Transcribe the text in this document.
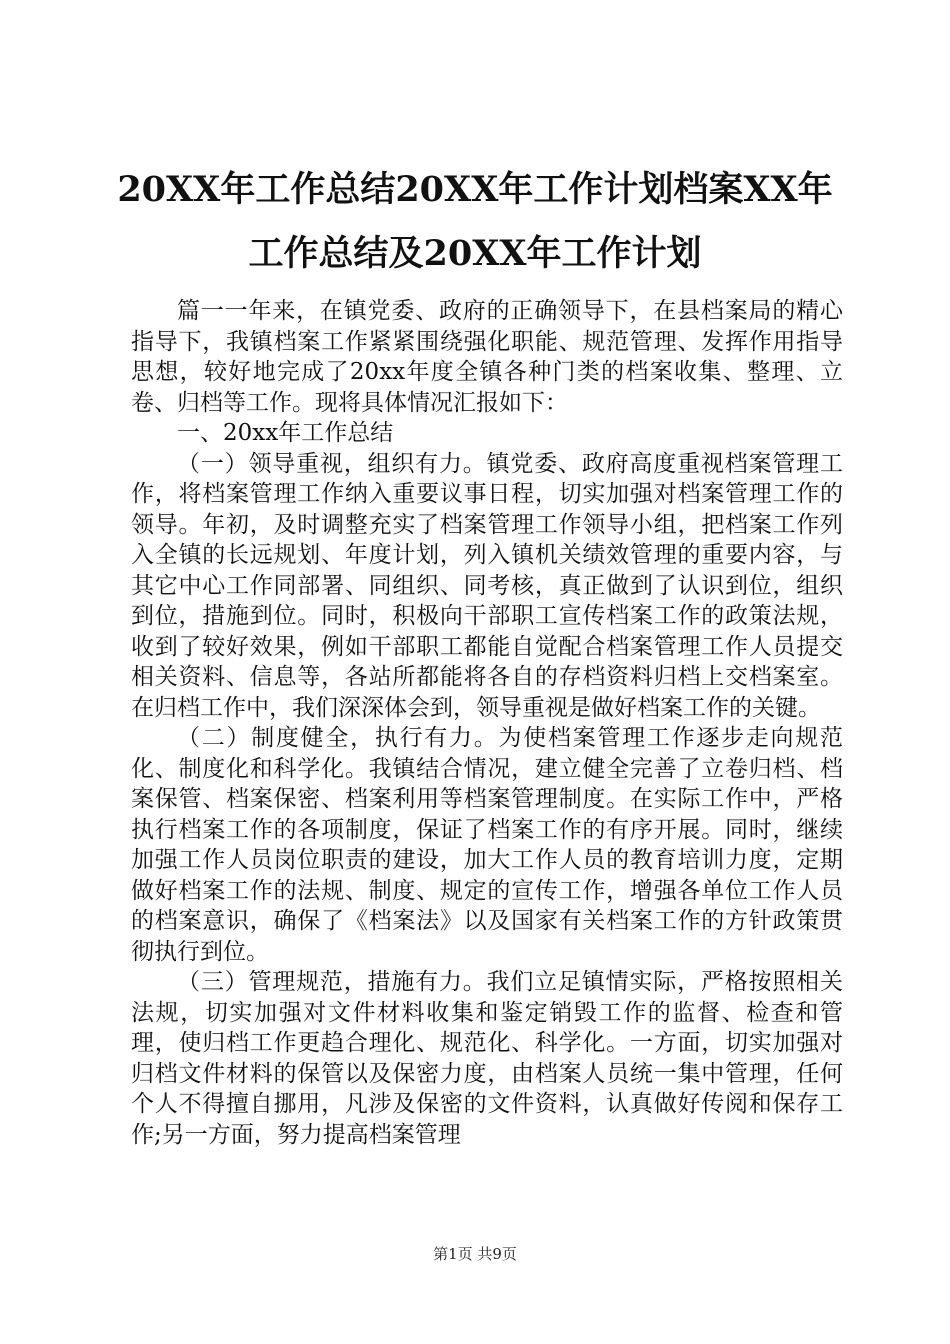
20XX年工作总结20XX年工作计划档案XX年工作总结及20XX年工作计划

篇一一年来，在镇党委、政府的正确领导下，在县档案局的精心指导下，我镇档案工作紧紧围绕强化职能、规范管理、发挥作用指导思想，较好地完成了20xx年度全镇各种门类的档案收集、整理、立卷、归档等工作。现将具体情况汇报如下：

一、20xx年工作总结

（一）领导重视，组织有力。镇党委、政府高度重视档案管理工作，将档案管理工作纳入重要议事日程，切实加强对档案管理工作的领导。年初，及时调整充实了档案管理工作领导小组，把档案工作列入全镇的长远规划、年度计划，列入镇机关绩效管理的重要内容，与其它中心工作同部署、同组织、同考核，真正做到了认识到位，组织到位，措施到位。同时，积极向干部职工宣传档案工作的政策法规，收到了较好效果，例如干部职工都能自觉配合档案管理工作人员提交相关资料、信息等，各站所都能将各自的存档资料归档上交档案室。在归档工作中，我们深深体会到，领导重视是做好档案工作的关键。

（二）制度健全，执行有力。为使档案管理工作逐步走向规范化、制度化和科学化。我镇结合情况，建立健全完善了立卷归档、档案保管、档案保密、档案利用等档案管理制度。在实际工作中，严格执行档案工作的各项制度，保证了档案工作的有序开展。同时，继续加强工作人员岗位职责的建设，加大工作人员的教育培训力度，定期做好档案工作的法规、制度、规定的宣传工作，增强各单位工作人员的档案意识，确保了《档案法》以及国家有关档案工作的方针政策贯彻执行到位。

（三）管理规范，措施有力。我们立足镇情实际，严格按照相关法规，切实加强对文件材料收集和鉴定销毁工作的监督、检查和管理，使归档工作更趋合理化、规范化、科学化。一方面，切实加强对归档文件材料的保管以及保密力度，由档案人员统一集中管理，任何个人不得擅自挪用，凡涉及保密的文件资料，认真做好传阅和保存工作;另一方面，努力提高档案管理

第1页 共9页
